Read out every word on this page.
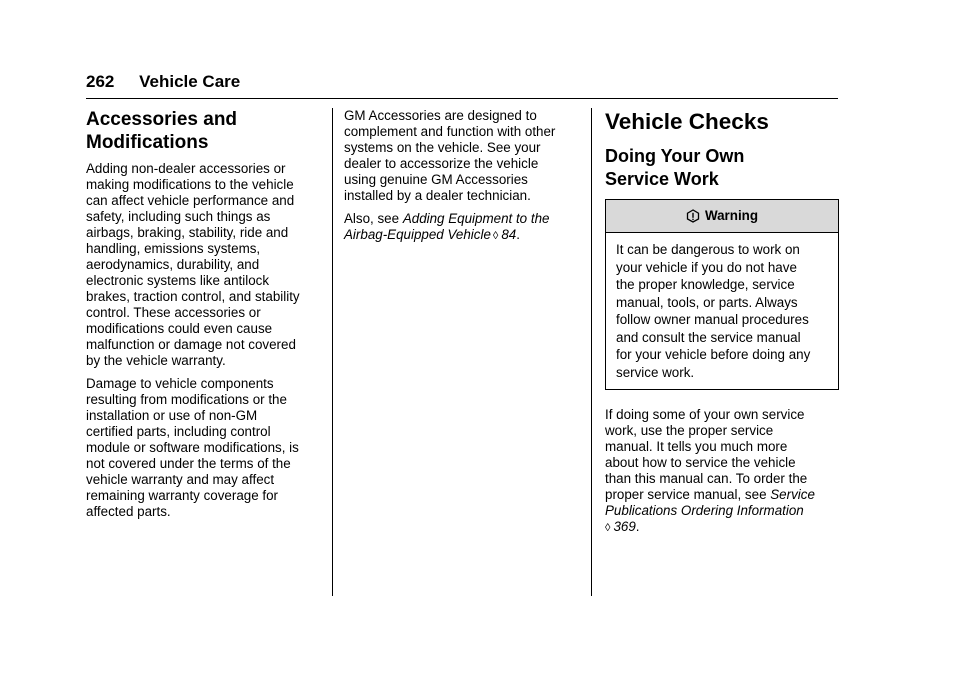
262 Vehicle Care
Accessories and
Modifications

Adding non-dealer accessories or
making modifications to the vehicle
can affect vehicle performance and
safety, including such things as
airbags, braking, stability, ride and
handling, emissions systems,
aerodynamics, durability, and
electronic systems like antilock
brakes, traction control, and stability
control. These accessories or
modifications could even cause
malfunction or damage not covered
by the vehicle warranty.

Damage to vehicle components
resulting from modifications or the
installation or use of non-GM
certified parts, including control
module or software modifications, is
not covered under the terms of the
vehicle warranty and may affect
remaining warranty coverage for
affected parts.

GM Accessories are designed to
complement and function with other
systems on the vehicle. See your
dealer to accessorize the vehicle
using genuine GM Accessories
installed by a dealer technician.

Also, see Adding Equipment to the
Airbag-Equipped Vehicle ◊ 84.

Vehicle Checks
Doing Your Own
Service Work
Warning
It can be dangerous to work on
your vehicle if you do not have
the proper knowledge, service
manual, tools, or parts. Always
follow owner manual procedures
and consult the service manual
for your vehicle before doing any
service work.

If doing some of your own service
work, use the proper service
manual. It tells you much more
about how to service the vehicle
than this manual can. To order the
proper service manual, see Service
Publications Ordering Information
◊ 369.
